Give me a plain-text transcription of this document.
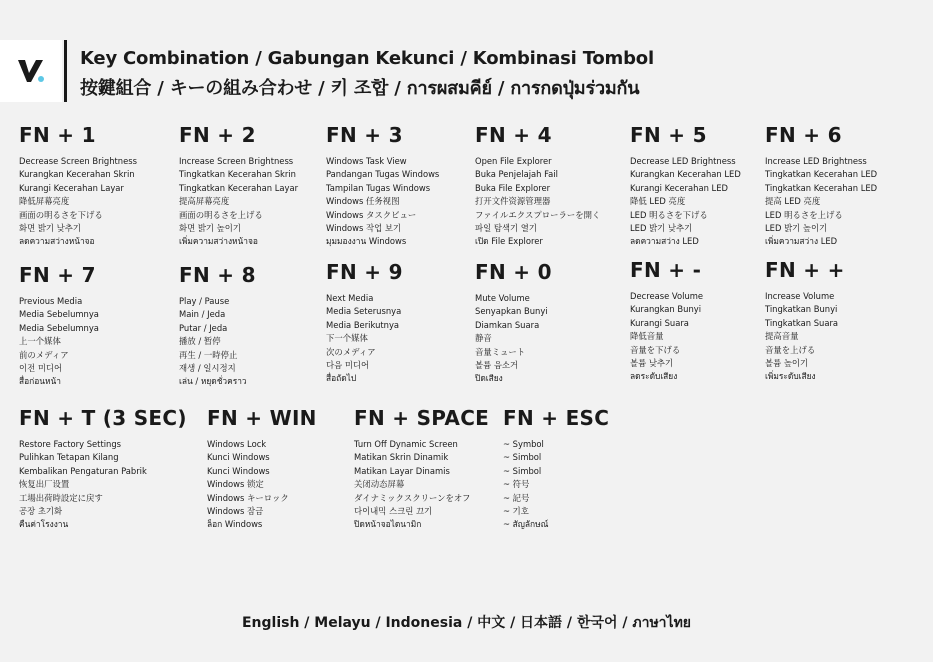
Key Combination / Gabungan Kekunci / Kombinasi Tombol
按鍵組合 / キーの組み合わせ / 키 조합 / การผสมคีย์ / การกดปุ่มร่วมกัน
FN + 1
Decrease Screen Brightness
Kurangkan Kecerahan Skrin
Kurangi Kecerahan Layar
降低屏幕亮度
画面の明るさを下げる
화면 밝기 낮추기
ลดความสว่างหน้าจอ
FN + 2
Increase Screen Brightness
Tingkatkan Kecerahan Skrin
Tingkatkan Kecerahan Layar
提高屏幕亮度
画面の明るさを上げる
화면 밝기 높이기
เพิ่มความสว่างหน้าจอ
FN + 3
Windows Task View
Pandangan Tugas Windows
Tampilan Tugas Windows
Windows 任务视图
Windows タスクビュー
Windows 작업 보기
มุมมองงาน Windows
FN + 4
Open File Explorer
Buka Penjelajah Fail
Buka File Explorer
打开文件资源管理器
ファイルエクスプローラーを開く
파일 탐색기 열기
เปิด File Explorer
FN + 5
Decrease LED Brightness
Kurangkan Kecerahan LED
Kurangi Kecerahan LED
降低 LED 亮度
LED 明るさを下げる
LED 밝기 낮추기
ลดความสว่าง LED
FN + 6
Increase LED Brightness
Tingkatkan Kecerahan LED
Tingkatkan Kecerahan LED
提高 LED 亮度
LED 明るさを上げる
LED 밝기 높이기
เพิ่มความสว่าง LED
FN + 7
Previous Media
Media Sebelumnya
Media Sebelumnya
上一个媒体
前のメディア
이전 미디어
สื่อก่อนหน้า
FN + 8
Play / Pause
Main / Jeda
Putar / Jeda
播放 / 暂停
再生 / 一時停止
재생 / 일시정지
เล่น / หยุดชั่วคราว
FN + 9
Next Media
Media Seterusnya
Media Berikutnya
下一个媒体
次のメディア
다음 미디어
สื่อถัดไป
FN + 0
Mute Volume
Senyapkan Bunyi
Diamkan Suara
静音
音量ミュート
볼륨 음소거
ปิดเสียง
FN + -
Decrease Volume
Kurangkan Bunyi
Kurangi Suara
降低音量
音量を下げる
볼륨 낮추기
ลดระดับเสียง
FN + +
Increase Volume
Tingkatkan Bunyi
Tingkatkan Suara
提高音量
音量を上げる
볼륨 높이기
เพิ่มระดับเสียง
FN + T (3 SEC)
Restore Factory Settings
Pulihkan Tetapan Kilang
Kembalikan Pengaturan Pabrik
恢复出厂设置
工場出荷時設定に戻す
공장 초기화
คืนค่าโรงงาน
FN + WIN
Windows Lock
Kunci Windows
Kunci Windows
Windows 锁定
Windows キーロック
Windows 잠금
ล็อก Windows
FN + SPACE
Turn Off Dynamic Screen
Matikan Skrin Dinamik
Matikan Layar Dinamis
关闭动态屏幕
ダイナミックスクリーンをオフ
다이내믹 스크린 끄기
ปิดหน้าจอไดนามิก
FN + ESC
~ Symbol
~ Simbol
~ Simbol
~ 符号
~ 記号
~ 기호
~ สัญลักษณ์
English / Melayu / Indonesia / 中文 / 日本語 / 한국어 / ภาษาไทย
